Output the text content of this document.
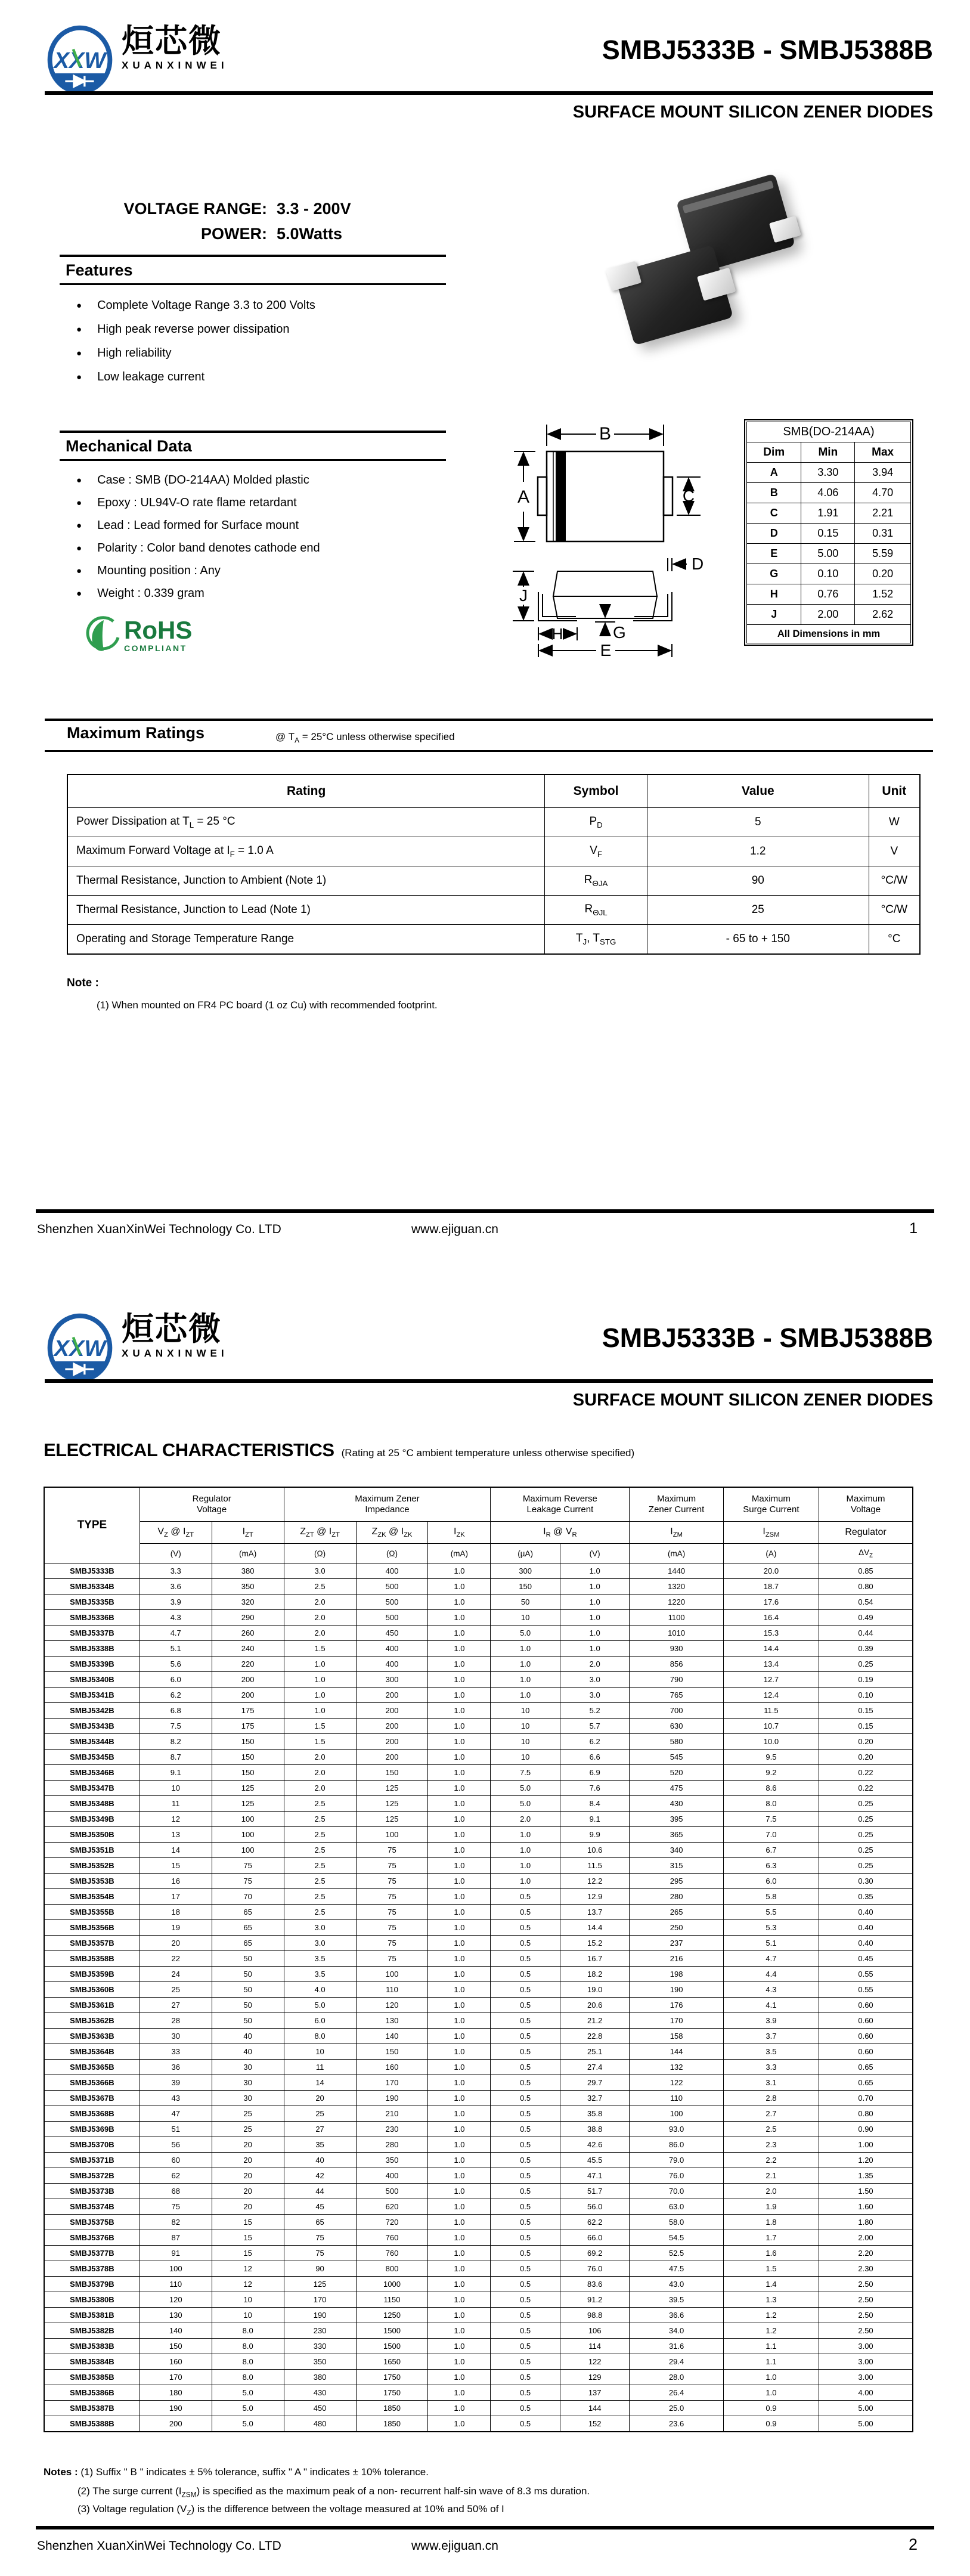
XXW
烜芯微
XUANXINWEI
SMBJ5333B - SMBJ5388B
SURFACE MOUNT SILICON ZENER DIODES
VOLTAGE RANGE: 3.3 - 200V
POWER: 5.0Watts
Features
● Complete Voltage Range 3.3 to 200 Volts
● High peak reverse power dissipation
● High reliability
● Low leakage current
Mechanical Data
● Case : SMB (DO-214AA) Molded plastic
● Epoxy : UL94V-O rate flame retardant
● Lead : Lead formed for Surface mount
● Polarity : Color band denotes cathode end
● Mounting position : Any
● Weight : 0.339 gram
RoHS
COMPLIANT
B
A	C
D
G
J
H
E
SMB(DO-214AA)		
Dim	Min	Max
A	3.30	3.94
B	4.06	4.70
C	1.91	2.21
D	0.15	0.31
E	5.00	5.59
G	0.10	0.20
H	0.76	1.52
J	2.00	2.62
All Dimensions in mm		
Maximum Ratings	@ $T_A = 25^\circ C$ unless otherwise specified
Rating	Symbol	Value	Unit
Power Dissipation at $T_L = 25$ °C	$P_D$	5	W
Maximum Forward Voltage at $I_F = 1.0$ A	$V_F$	1.2	V
Thermal Resistance, Junction to Ambient (Note 1)	$R_{\Theta JA}$	90	°C/W
Thermal Resistance, Junction to Lead (Note 1)	$R_{\Theta JL}$	25	°C/W
Operating and Storage Temperature Range	$T_J$, $T_{STG}$	- 65 to + 150	°C
Note :
(1) When mounted on FR4 PC board (1 oz Cu) with recommended footprint.
Shenzhen XuanXinWei Technology Co. LTD	www.ejiguan.cn	1
XXW
烜芯微
XUANXINWEI
SMBJ5333B - SMBJ5388B
SURFACE MOUNT SILICON ZENER DIODES
ELECTRICAL CHARACTERISTICS (Rating at 25 °C ambient temperature unless otherwise specified)
TYPE	
Regulator
Voltage

Maximum Zener
Impedance

Maximum Reverse
Leakage Current

Maximum
Zener Current

Maximum
Surge Current

Maximum
Voltage

	$V_Z$ @ $I_{ZT}$	$I_{ZT}$	$Z_{ZT}$ @ $I_{ZT}$	$Z_{ZK}$ @ $I_{ZK}$	$I_{ZK}$	$I_R$ @ $V_R$		$I_{ZM}$	$I_{ZSM}$	Regulator
	(V)	(mA)	(Ω)	(Ω)	(mA)	(µA)	(V)	(mA)	(A)	$\Delta V_Z$
SMBJ5333B	3.3	380	3.0	400	1.0	300	1.0	1440	20.0	0.85
SMBJ5334B	3.6	350	2.5	500	1.0	150	1.0	1320	18.7	0.80
SMBJ5335B	3.9	320	2.0	500	1.0	50	1.0	1220	17.6	0.54
SMBJ5336B	4.3	290	2.0	500	1.0	10	1.0	1100	16.4	0.49
SMBJ5337B	4.7	260	2.0	450	1.0	5.0	1.0	1010	15.3	0.44
SMBJ5338B	5.1	240	1.5	400	1.0	1.0	1.0	930	14.4	0.39
SMBJ5339B	5.6	220	1.0	400	1.0	1.0	2.0	856	13.4	0.25
SMBJ5340B	6.0	200	1.0	300	1.0	1.0	3.0	790	12.7	0.19
SMBJ5341B	6.2	200	1.0	200	1.0	1.0	3.0	765	12.4	0.10
SMBJ5342B	6.8	175	1.0	200	1.0	10	5.2	700	11.5	0.15
SMBJ5343B	7.5	175	1.5	200	1.0	10	5.7	630	10.7	0.15
SMBJ5344B	8.2	150	1.5	200	1.0	10	6.2	580	10.0	0.20
SMBJ5345B	8.7	150	2.0	200	1.0	10	6.6	545	9.5	0.20
SMBJ5346B	9.1	150	2.0	150	1.0	7.5	6.9	520	9.2	0.22
SMBJ5347B	10	125	2.0	125	1.0	5.0	7.6	475	8.6	0.22
SMBJ5348B	11	125	2.5	125	1.0	5.0	8.4	430	8.0	0.25
SMBJ5349B	12	100	2.5	125	1.0	2.0	9.1	395	7.5	0.25
SMBJ5350B	13	100	2.5	100	1.0	1.0	9.9	365	7.0	0.25
SMBJ5351B	14	100	2.5	75	1.0	1.0	10.6	340	6.7	0.25
SMBJ5352B	15	75	2.5	75	1.0	1.0	11.5	315	6.3	0.25
SMBJ5353B	16	75	2.5	75	1.0	1.0	12.2	295	6.0	0.30
SMBJ5354B	17	70	2.5	75	1.0	0.5	12.9	280	5.8	0.35
SMBJ5355B	18	65	2.5	75	1.0	0.5	13.7	265	5.5	0.40
SMBJ5356B	19	65	3.0	75	1.0	0.5	14.4	250	5.3	0.40
SMBJ5357B	20	65	3.0	75	1.0	0.5	15.2	237	5.1	0.40
SMBJ5358B	22	50	3.5	75	1.0	0.5	16.7	216	4.7	0.45
SMBJ5359B	24	50	3.5	100	1.0	0.5	18.2	198	4.4	0.55
SMBJ5360B	25	50	4.0	110	1.0	0.5	19.0	190	4.3	0.55
SMBJ5361B	27	50	5.0	120	1.0	0.5	20.6	176	4.1	0.60
SMBJ5362B	28	50	6.0	130	1.0	0.5	21.2	170	3.9	0.60
SMBJ5363B	30	40	8.0	140	1.0	0.5	22.8	158	3.7	0.60
SMBJ5364B	33	40	10	150	1.0	0.5	25.1	144	3.5	0.60
SMBJ5365B	36	30	11	160	1.0	0.5	27.4	132	3.3	0.65
SMBJ5366B	39	30	14	170	1.0	0.5	29.7	122	3.1	0.65
SMBJ5367B	43	30	20	190	1.0	0.5	32.7	110	2.8	0.70
SMBJ5368B	47	25	25	210	1.0	0.5	35.8	100	2.7	0.80
SMBJ5369B	51	25	27	230	1.0	0.5	38.8	93.0	2.5	0.90
SMBJ5370B	56	20	35	280	1.0	0.5	42.6	86.0	2.3	1.00
SMBJ5371B	60	20	40	350	1.0	0.5	45.5	79.0	2.2	1.20
SMBJ5372B	62	20	42	400	1.0	0.5	47.1	76.0	2.1	1.35
SMBJ5373B	68	20	44	500	1.0	0.5	51.7	70.0	2.0	1.50
SMBJ5374B	75	20	45	620	1.0	0.5	56.0	63.0	1.9	1.60
SMBJ5375B	82	15	65	720	1.0	0.5	62.2	58.0	1.8	1.80
SMBJ5376B	87	15	75	760	1.0	0.5	66.0	54.5	1.7	2.00
SMBJ5377B	91	15	75	760	1.0	0.5	69.2	52.5	1.6	2.20
SMBJ5378B	100	12	90	800	1.0	0.5	76.0	47.5	1.5	2.30
SMBJ5379B	110	12	125	1000	1.0	0.5	83.6	43.0	1.4	2.50
SMBJ5380B	120	10	170	1150	1.0	0.5	91.2	39.5	1.3	2.50
SMBJ5381B	130	10	190	1250	1.0	0.5	98.8	36.6	1.2	2.50
SMBJ5382B	140	8.0	230	1500	1.0	0.5	106	34.0	1.2	2.50
SMBJ5383B	150	8.0	330	1500	1.0	0.5	114	31.6	1.1	3.00
SMBJ5384B	160	8.0	350	1650	1.0	0.5	122	29.4	1.1	3.00
SMBJ5385B	170	8.0	380	1750	1.0	0.5	129	28.0	1.0	3.00
SMBJ5386B	180	5.0	430	1750	1.0	0.5	137	26.4	1.0	4.00
SMBJ5387B	190	5.0	450	1850	1.0	0.5	144	25.0	0.9	5.00
SMBJ5388B	200	5.0	480	1850	1.0	0.5	152	23.6	0.9	5.00
Notes : (1) Suffix " B " indicates ± 5% tolerance, suffix " A " indicates ± 10% tolerance.
(2) The surge current $(I_{ZSM})$ is specified as the maximum peak of a non- recurrent half-sin wave of 8.3 ms duration.
(3) Voltage regulation $(V_Z)$ is the difference between the voltage measured at 10% and 50% of I
Shenzhen XuanXinWei Technology Co. LTD	www.ejiguan.cn	2
